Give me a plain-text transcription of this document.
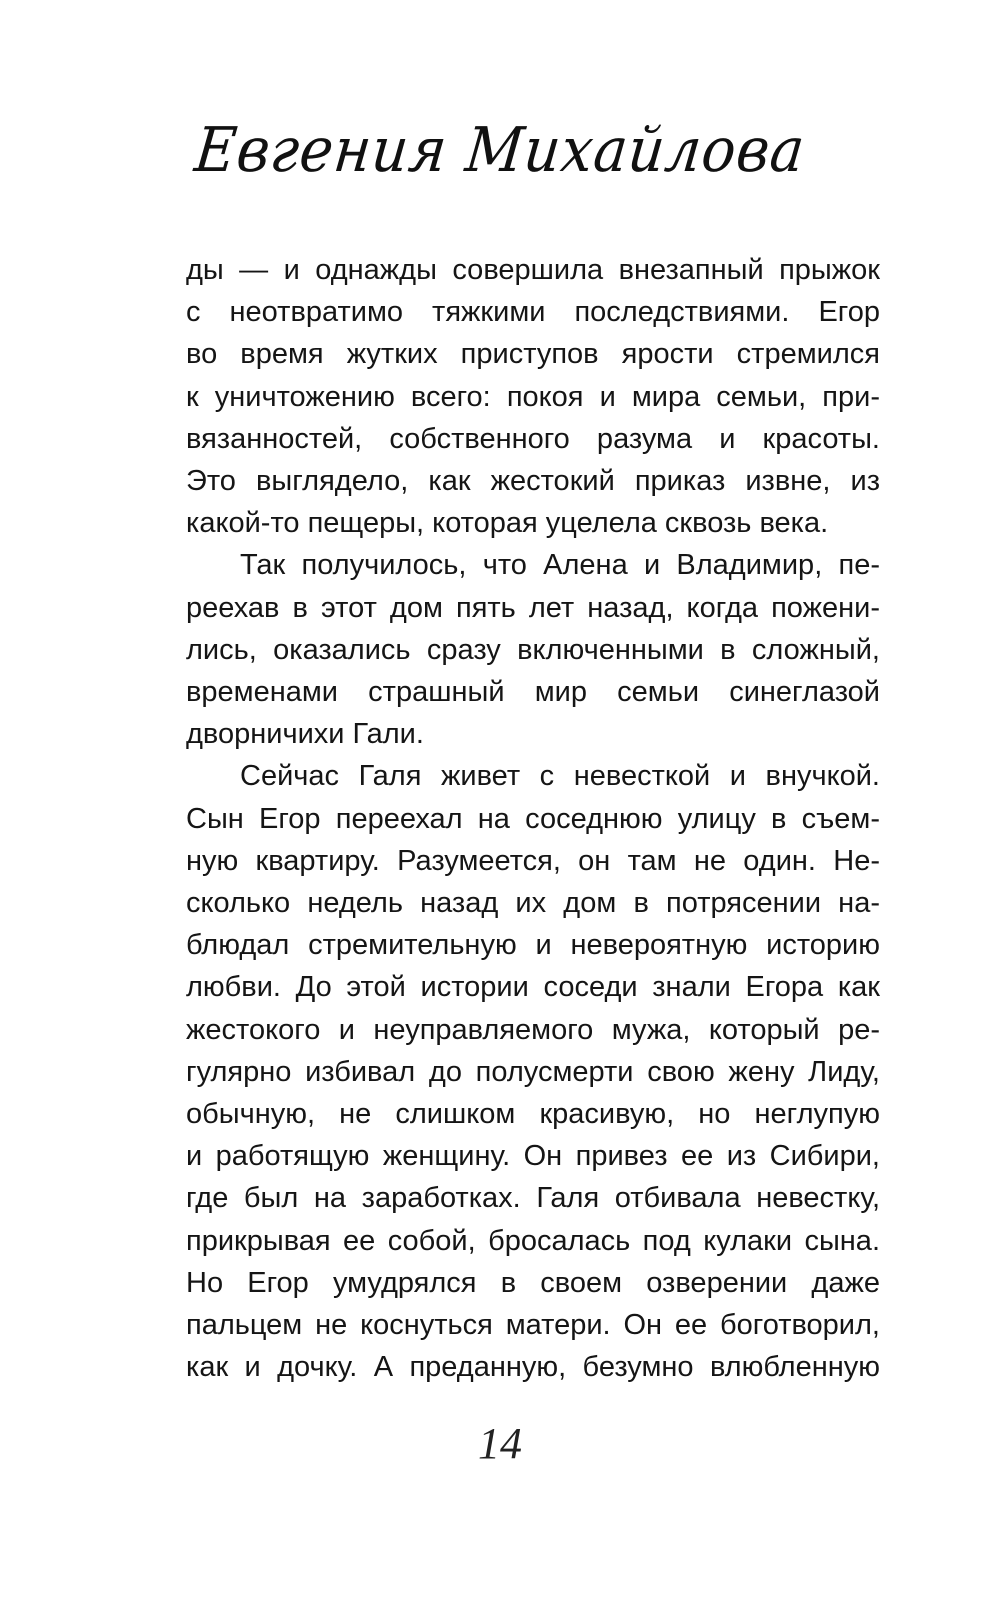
Евгения Михайлова

ды — и однажды совершила внезапный прыжок

с неотвратимо тяжкими последствиями. Егор

во время жутких приступов ярости стремился

к уничтожению всего: покоя и мира семьи, при-

вязанностей, собственного разума и красоты.

Это выглядело, как жестокий приказ извне, из

какой-то пещеры, которая уцелела сквозь века.

Так получилось, что Алена и Владимир, пе-

реехав в этот дом пять лет назад, когда пожени-

лись, оказались сразу включенными в сложный,

временами страшный мир семьи синеглазой

дворничихи Гали.

Сейчас Галя живет с невесткой и внучкой.

Сын Егор переехал на соседнюю улицу в съем-

ную квартиру. Разумеется, он там не один. Не-

сколько недель назад их дом в потрясении на-

блюдал стремительную и невероятную историю

любви. До этой истории соседи знали Егора как

жестокого и неуправляемого мужа, который ре-

гулярно избивал до полусмерти свою жену Лиду,

обычную, не слишком красивую, но неглупую

и работящую женщину. Он привез ее из Сибири,

где был на заработках. Галя отбивала невестку,

прикрывая ее собой, бросалась под кулаки сына.

Но Егор умудрялся в своем озверении даже

пальцем не коснуться матери. Он ее боготворил,

как и дочку. А преданную, безумно влюбленную

14
